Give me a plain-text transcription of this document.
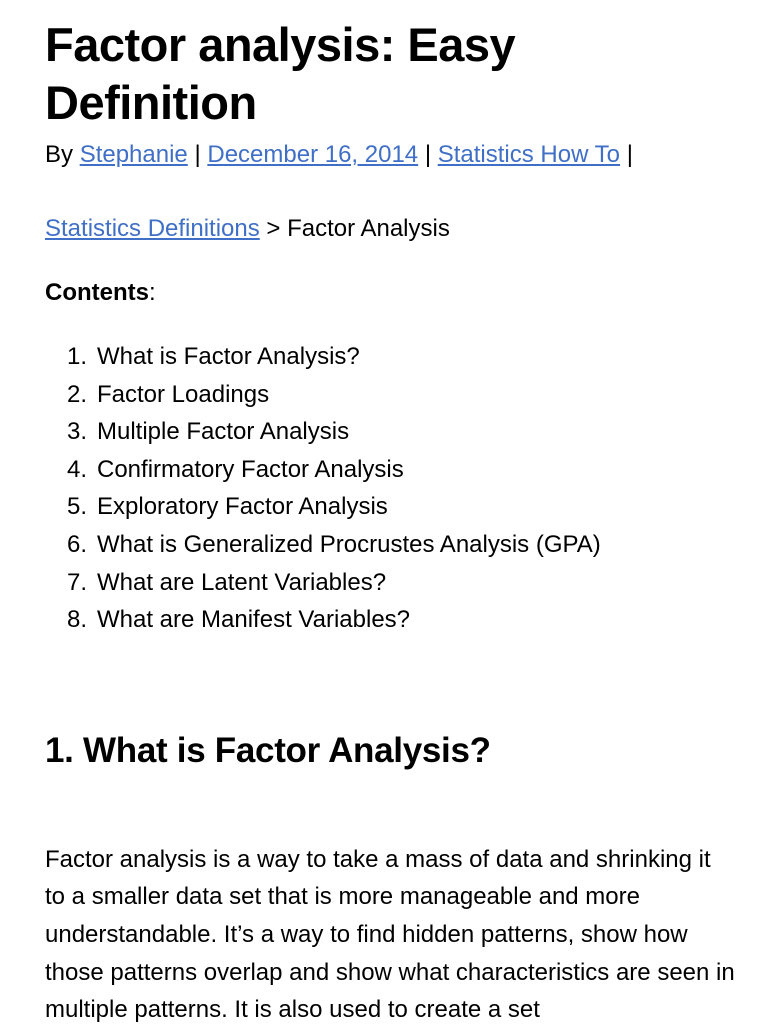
Factor analysis: Easy Definition
By Stephanie | December 16, 2014 | Statistics How To |
Statistics Definitions > Factor Analysis
Contents:
1. What is Factor Analysis?
2. Factor Loadings
3. Multiple Factor Analysis
4. Confirmatory Factor Analysis
5. Exploratory Factor Analysis
6. What is Generalized Procrustes Analysis (GPA)
7. What are Latent Variables?
8. What are Manifest Variables?
1. What is Factor Analysis?

Factor analysis is a way to take a mass of data and shrinking it to a smaller data set that is more manageable and more understandable. It’s a way to find hidden patterns, show how those patterns overlap and show what characteristics are seen in multiple patterns. It is also used to create a set
